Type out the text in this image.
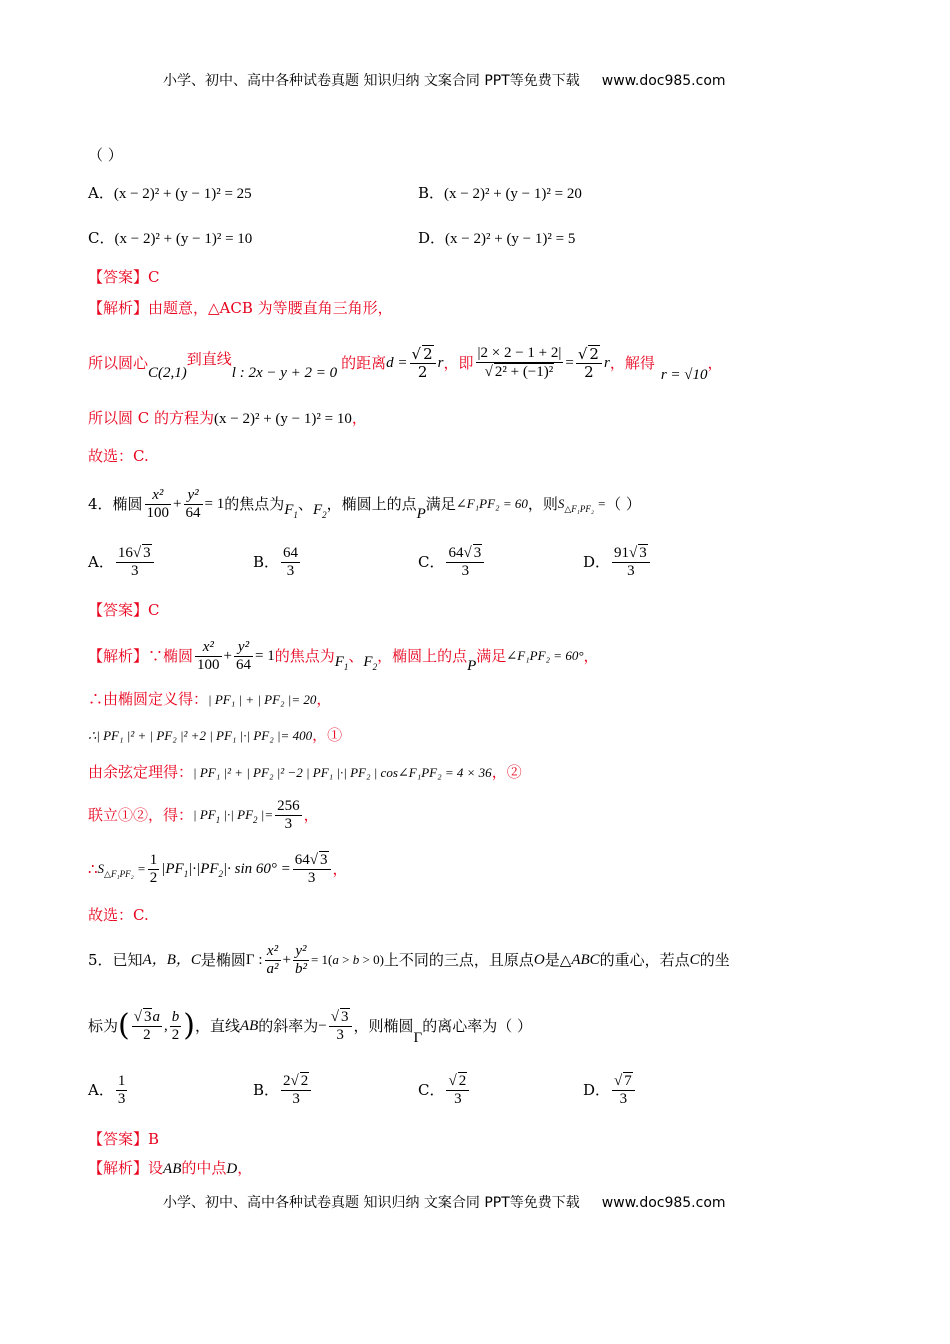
小学、初中、高中各种试卷真题 知识归纳 文案合同 PPT等免费下载 www.doc985.com
（ ）
A．(x − 2)² + (y − 1)² = 25	B．(x − 2)² + (y − 1)² = 20
C．(x − 2)² + (y − 1)² = 10	D．(x − 2)² + (y − 1)² = 5
【答案】C
【解析】由题意，△ACB 为等腰直角三角形，
所以圆心
C(2,1)
到直线
l : 2x − y + 2 = 0
的距离 $d = \frac{√ 2}{2}$ r ，即 $\frac{|2 \times 2 - 1 + 2|}{\text{√ 2² + (−1)²}} = \frac{√ 2}{2}$ r ，解得
r = √10
，
所以圆 C 的方程为(x − 2)² + (y − 1)² = 10，
故选：C.
4．椭圆 $\frac{\text{x²}}{100} + \frac{\text{y²}}{64} = 1$ 的焦点为 $F_1$
、 $F_2$
，椭圆上的点
P
满足 ∠F₁PF₂ = 60 ，则 $S_{\triangle F_1PF_2}$ = （ ）
A． $\frac{16√ 3}{3}$	B． $\frac{64}{3}$	C． $\frac{64√ 3}{3}$	D． $\frac{91√ 3}{3}$
【答案】C
【解析】 ∵椭圆 $\frac{\text{x²}}{100} + \frac{\text{y²}}{64} = 1$ 的焦点为 $F_1$
、 $F_2$
，椭圆上的点
P
满足 ∠F₁PF₂ = 60° ，
∴由椭圆定义得：| PF₁ | + | PF₂ |= 20，
∴| PF₁ |² + | PF₂ |² +2 | PF₁ |·| PF₂ |= 400，①
由余弦定理得：| PF₁ |² + | PF₂ |² −2 | PF₁ |·| PF₂ | cos∠F₁PF₂ = 4 × 36，②
联立①②，得： | $PF_1$ |·| $PF_2$ |= $\frac{256}{3}$ ，
∴ $S_{\triangle F_1PF_2} = \frac{1}{2} |PF_1|\cdot|PF_2|\cdot \sin 60^\circ = \frac{64√ 3}{3}$ ，
故选：C.
5．已知 A，B，C 是椭圆 Γ : $\frac{\text{x²}}{\text{a²}} + \frac{\text{y²}}{\text{b²}} = 1(a > b > 0)$ 上不同的三点，且原点 O 是△ ABC 的重心，若点 C 的坐
标为 ( $\frac{√ 3a}{2}$ , $\frac{b}{2}$ ) ，直线 AB 的斜率为 − $\frac{√ 3}{3}$ ，则椭圆
Γ
的离心率为（ ）
A． $\frac{1}{3}$	B． $\frac{2√ 2}{3}$	C． $\frac{√ 2}{3}$	D． $\frac{√ 7}{3}$
【答案】B
【解析】设AB的中点D，
小学、初中、高中各种试卷真题 知识归纳 文案合同 PPT等免费下载 www.doc985.com
